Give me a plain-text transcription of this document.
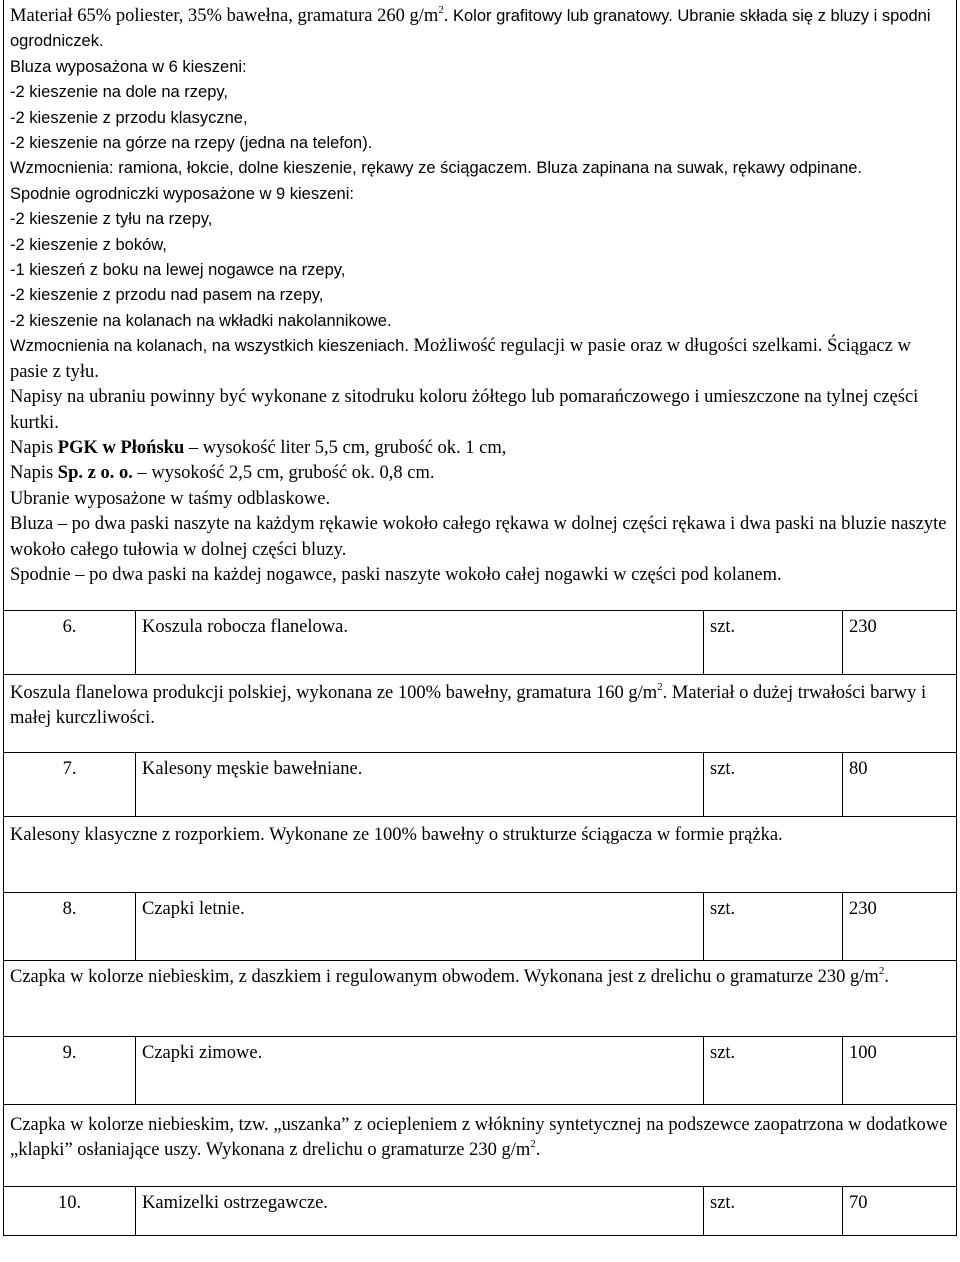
Materiał 65% poliester, 35% bawełna, gramatura 260 $g/m^2$. Kolor grafitowy lub granatowy. Ubranie składa się z bluzy i spodni ogrodniczek.

Bluza wyposażona w 6 kieszeni:

-2 kieszenie na dole na rzepy,

-2 kieszenie z przodu klasyczne,

-2 kieszenie na górze na rzepy (jedna na telefon).

Wzmocnienia: ramiona, łokcie, dolne kieszenie, rękawy ze ściągaczem. Bluza zapinana na suwak, rękawy odpinane.

Spodnie ogrodniczki wyposażone w 9 kieszeni:

-2 kieszenie z tyłu na rzepy,

-2 kieszenie z boków,

-1 kieszeń z boku na lewej nogawce na rzepy,

-2 kieszenie z przodu nad pasem na rzepy,

-2 kieszenie na kolanach na wkładki nakolannikowe.

Wzmocnienia na kolanach, na wszystkich kieszeniach. Możliwość regulacji w pasie oraz w długości szelkami. Ściągacz w pasie z tyłu.

Napisy na ubraniu powinny być wykonane z sitodruku koloru żółtego lub pomarańczowego i umieszczone na tylnej części kurtki.

Napis PGK w Płońsku – wysokość liter 5,5 cm, grubość ok. 1 cm,

Napis Sp. z o. o. – wysokość 2,5 cm, grubość ok. 0,8 cm.

Ubranie wyposażone w taśmy odblaskowe.

Bluza – po dwa paski naszyte na każdym rękawie wokoło całego rękawa w dolnej części rękawa i dwa paski na bluzie naszyte wokoło całego tułowia w dolnej części bluzy.

Spodnie – po dwa paski na każdej nogawce, paski naszyte wokoło całej nogawki w części pod kolanem.

6.	Koszula robocza flanelowa.	szt.	230

Koszula flanelowa produkcji polskiej, wykonana ze 100% bawełny, gramatura 160 $g/m^2$. Materiał o dużej trwałości barwy i małej kurczliwości.

7.	Kalesony męskie bawełniane.	szt.	80

Kalesony klasyczne z rozporkiem. Wykonane ze 100% bawełny o strukturze ściągacza w formie prążka.

8.	Czapki letnie.	szt.	230

Czapka w kolorze niebieskim, z daszkiem i regulowanym obwodem. Wykonana jest z drelichu o gramaturze 230 $g/m^2$.

9.	Czapki zimowe.	szt.	100

Czapka w kolorze niebieskim, tzw. „uszanka” z ociepleniem z włókniny syntetycznej na podszewce zaopatrzona w dodatkowe „klapki” osłaniające uszy. Wykonana z drelichu o gramaturze 230 $g/m^2$.

10.	Kamizelki ostrzegawcze.	szt.	70
